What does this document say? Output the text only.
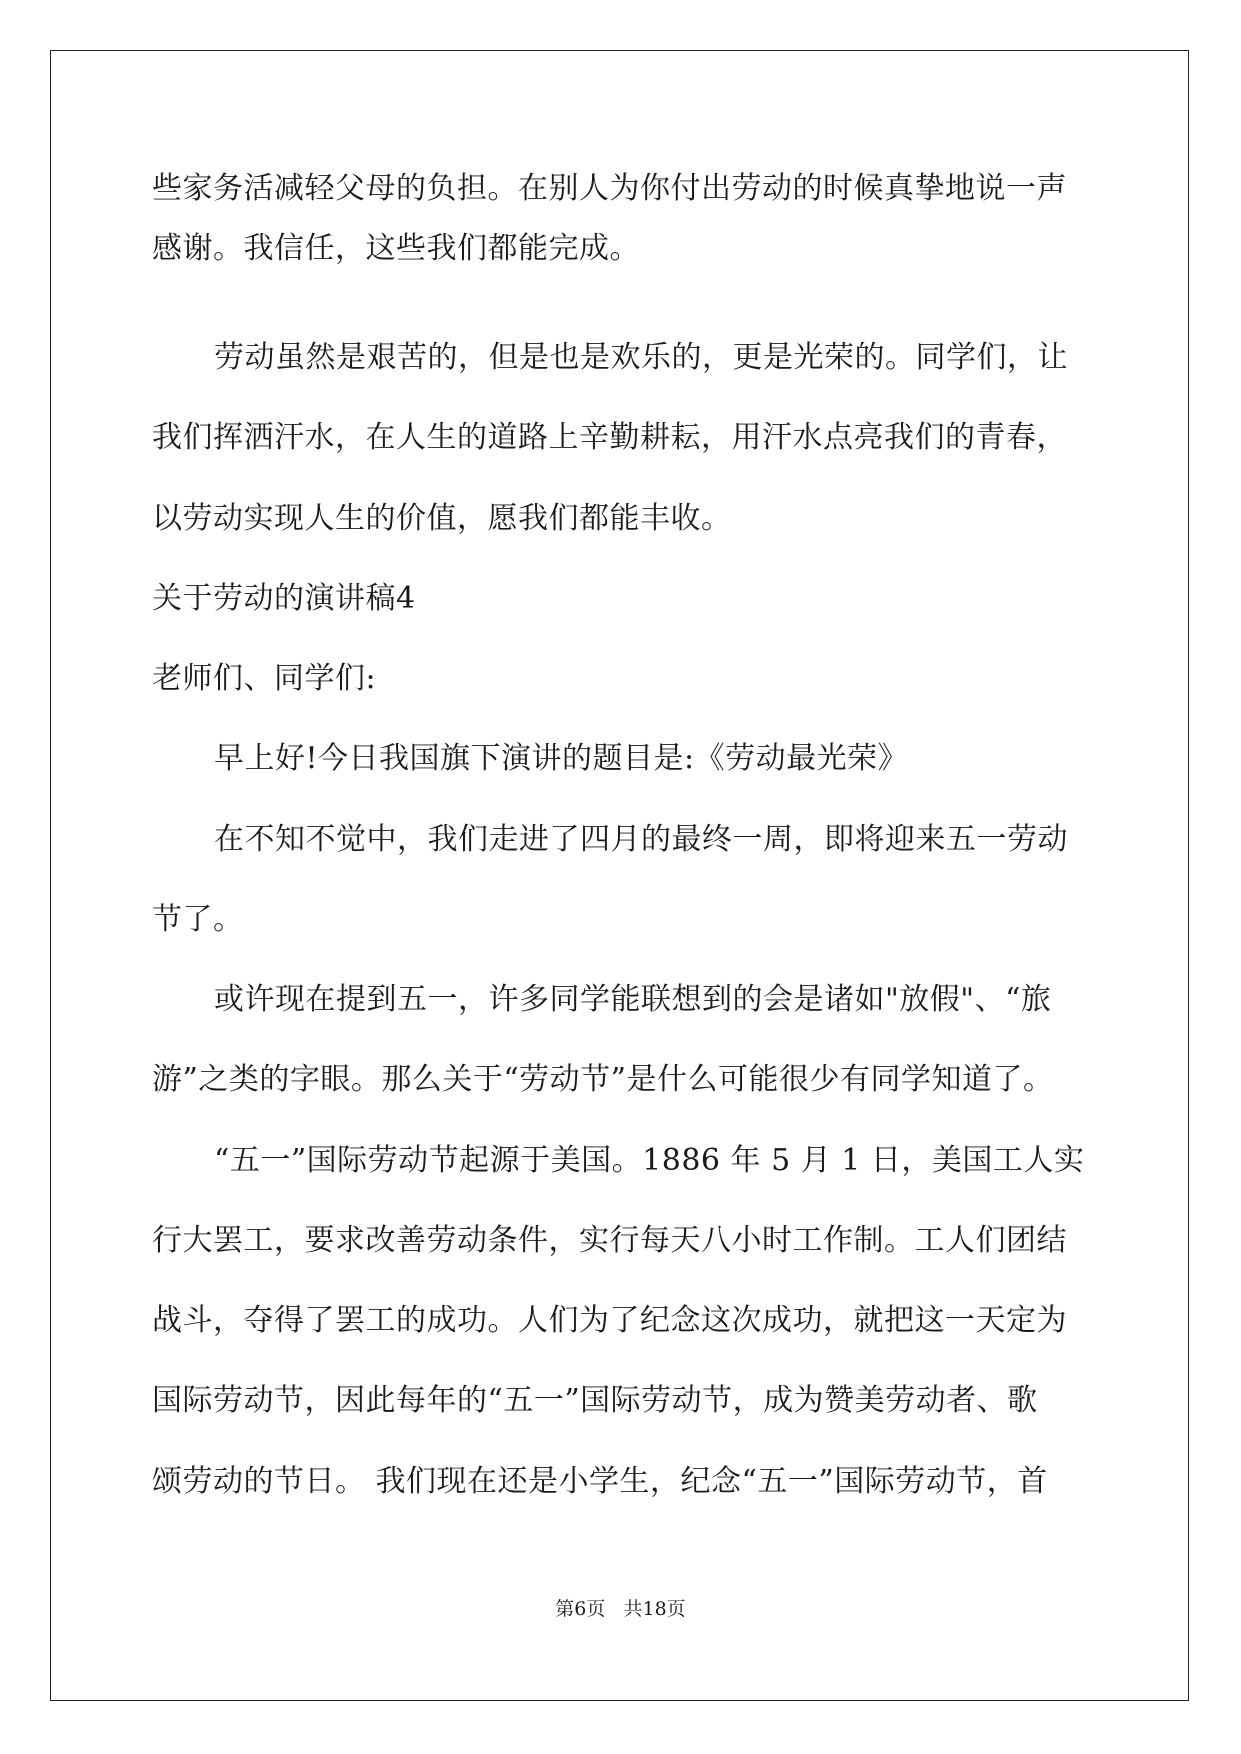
些家务活减轻父母的负担。在别人为你付出劳动的时候真挚地说一声
感谢。我信任，这些我们都能完成。
劳动虽然是艰苦的，但是也是欢乐的，更是光荣的。同学们，让
我们挥洒汗水，在人生的道路上辛勤耕耘，用汗水点亮我们的青春，
以劳动实现人生的价值，愿我们都能丰收。
关于劳动的演讲稿4
老师们、同学们:
早上好!今日我国旗下演讲的题目是:《劳动最光荣》
在不知不觉中，我们走进了四月的最终一周，即将迎来五一劳动
节了。
或许现在提到五一，许多同学能联想到的会是诸如"放假"、“旅
游”之类的字眼。那么关于“劳动节”是什么可能很少有同学知道了。
“五一”国际劳动节起源于美国。1886 年 5 月 1 日，美国工人实
行大罢工，要求改善劳动条件，实行每天八小时工作制。工人们团结
战斗，夺得了罢工的成功。人们为了纪念这次成功，就把这一天定为
国际劳动节，因此每年的“五一”国际劳动节，成为赞美劳动者、歌
颂劳动的节日。 我们现在还是小学生，纪念“五一”国际劳动节，首
第6页   共18页
